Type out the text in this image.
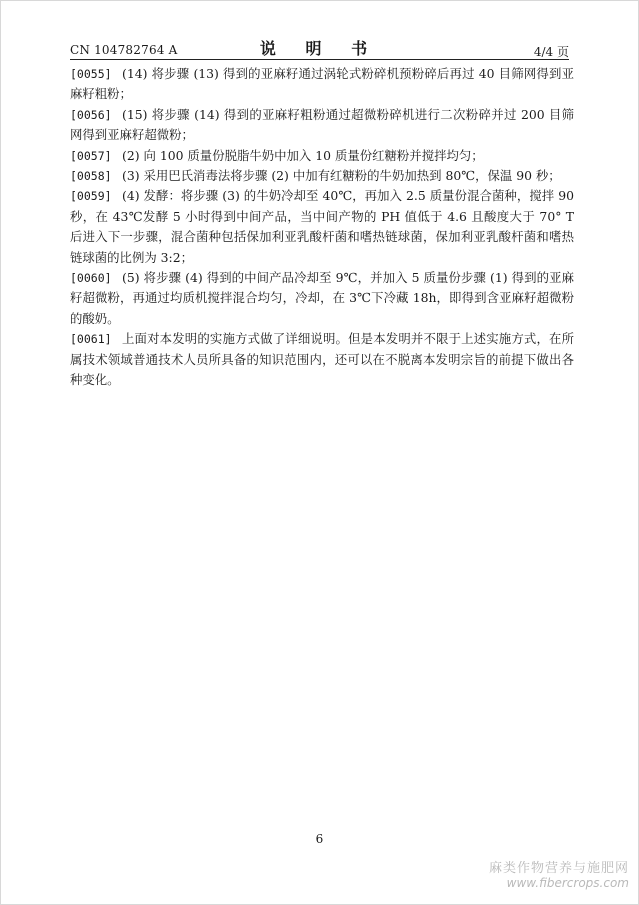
CN 104782764 A	说 明 书	4/4 页

[0055] (14) 将步骤 (13) 得到的亚麻籽通过涡轮式粉碎机预粉碎后再过 40 目筛网得到亚麻籽粗粉；

[0056] (15) 将步骤 (14) 得到的亚麻籽粗粉通过超微粉碎机进行二次粉碎并过 200 目筛网得到亚麻籽超微粉；

[0057] (2) 向 100 质量份脱脂牛奶中加入 10 质量份红糖粉并搅拌均匀；

[0058] (3) 采用巴氏消毒法将步骤 (2) 中加有红糖粉的牛奶加热到 80℃，保温 90 秒；

[0059] (4) 发酵：将步骤 (3) 的牛奶冷却至 40℃，再加入 2.5 质量份混合菌种，搅拌 90 秒，在 43℃发酵 5 小时得到中间产品，当中间产物的 PH 值低于 4.6 且酸度大于 70° T 后进入下一步骤，混合菌种包括保加利亚乳酸杆菌和嗜热链球菌，保加利亚乳酸杆菌和嗜热链球菌的比例为 3:2；

[0060] (5) 将步骤 (4) 得到的中间产品冷却至 9℃，并加入 5 质量份步骤 (1) 得到的亚麻籽超微粉，再通过均质机搅拌混合均匀，冷却，在 3℃下冷藏 18h，即得到含亚麻籽超微粉的酸奶。

[0061] 上面对本发明的实施方式做了详细说明。但是本发明并不限于上述实施方式，在所属技术领域普通技术人员所具备的知识范围内，还可以在不脱离本发明宗旨的前提下做出各种变化。

6
麻类作物营养与施肥网
www.fibercrops.com
